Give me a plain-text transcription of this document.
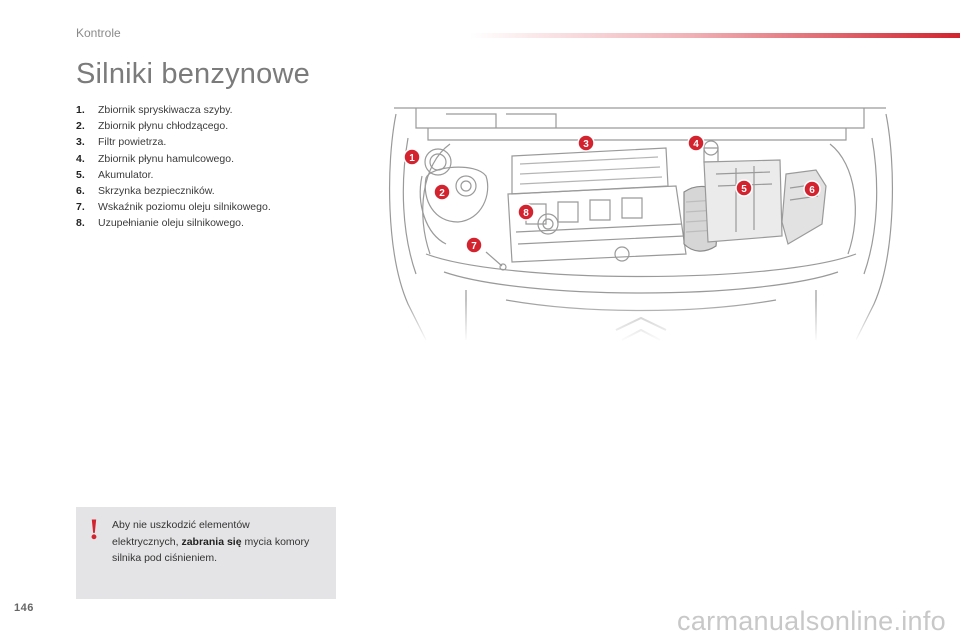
Kontrole
Silniki benzynowe
1. Zbiornik spryskiwacza szyby.
2. Zbiornik płynu chłodzącego.
3. Filtr powietrza.
4. Zbiornik płynu hamulcowego.
5. Akumulator.
6. Skrzynka bezpieczników.
7. Wskaźnik poziomu oleju silnikowego.
8. Uzupełnianie oleju silnikowego.
1
2
3	4
5	6
7
8
! Aby nie uszkodzić elementów elektrycznych, zabrania się mycia komory silnika pod ciśnieniem.
146	carmanualsonline.info
